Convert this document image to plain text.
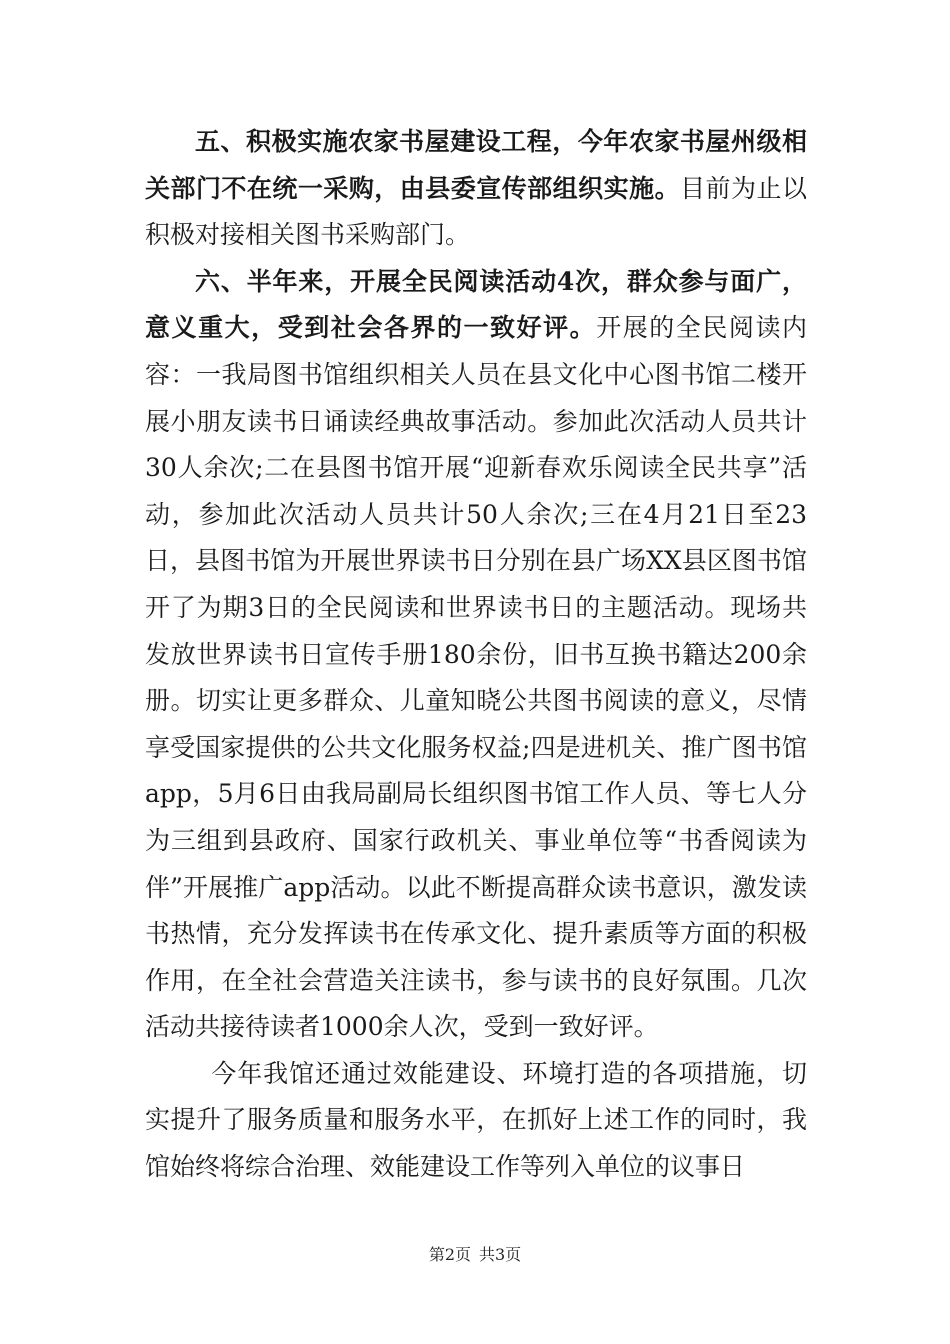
五、积极实施农家书屋建设工程，今年农家书屋州级相关部门不在统一采购，由县委宣传部组织实施。目前为止以积极对接相关图书采购部门。

六、半年来，开展全民阅读活动4次，群众参与面广，意义重大，受到社会各界的一致好评。开展的全民阅读内容：一我局图书馆组织相关人员在县文化中心图书馆二楼开展小朋友读书日诵读经典故事活动。参加此次活动人员共计30人余次;二在县图书馆开展“迎新春欢乐阅读全民共享”活动，参加此次活动人员共计50人余次;三在4月21日至23日，县图书馆为开展世界读书日分别在县广场XX县区图书馆开了为期3日的全民阅读和世界读书日的主题活动。现场共发放世界读书日宣传手册180余份，旧书互换书籍达200余册。切实让更多群众、儿童知晓公共图书阅读的意义，尽情享受国家提供的公共文化服务权益;四是进机关、推广图书馆app，5月6日由我局副局长组织图书馆工作人员、等七人分为三组到县政府、国家行政机关、事业单位等“书香阅读为伴”开展推广app活动。以此不断提高群众读书意识，激发读书热情，充分发挥读书在传承文化、提升素质等方面的积极作用，在全社会营造关注读书，参与读书的良好氛围。几次活动共接待读者1000余人次，受到一致好评。

今年我馆还通过效能建设、环境打造的各项措施，切实提升了服务质量和服务水平，在抓好上述工作的同时，我馆始终将综合治理、效能建设工作等列入单位的议事日

第2页 共3页
